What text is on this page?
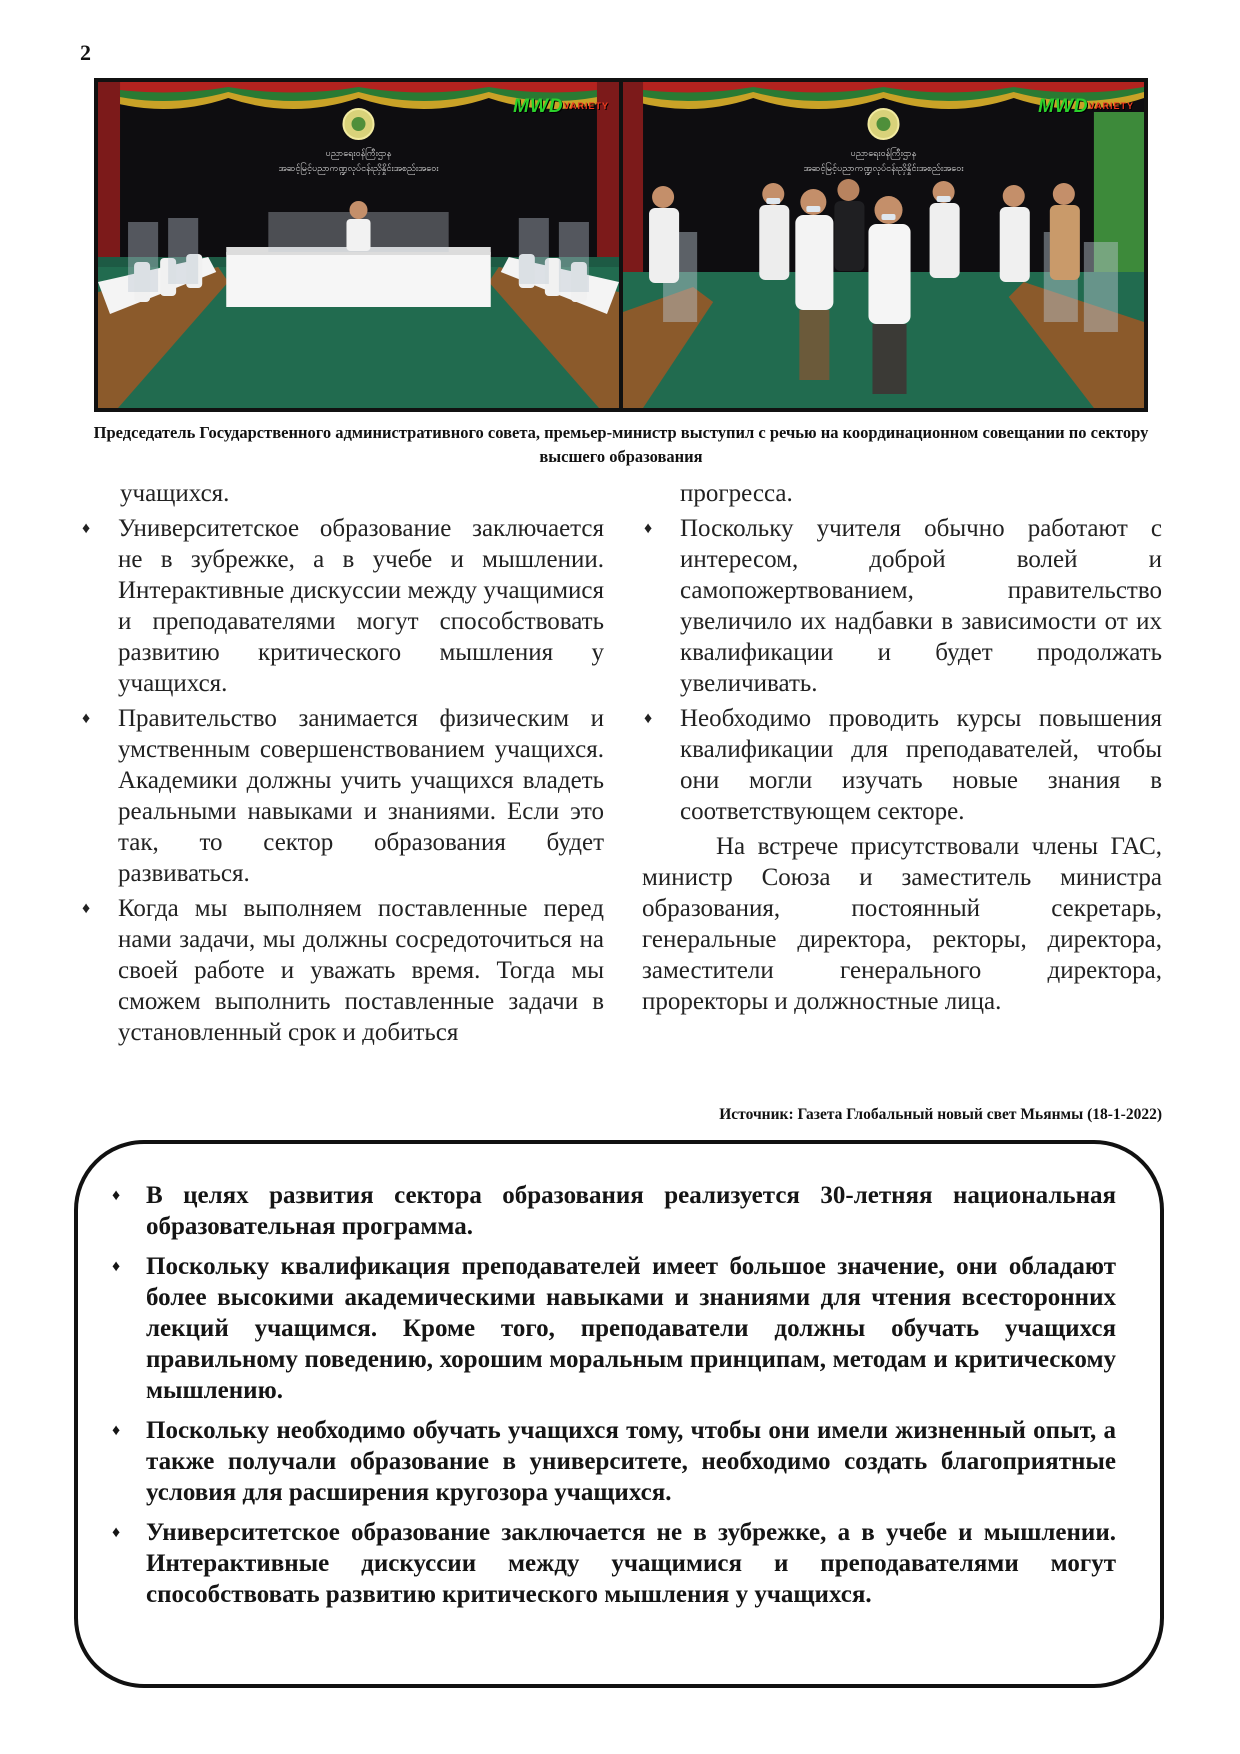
2
ပညာရေးဝန်ကြီးဌာန
အဆင့်မြင့်ပညာကဏ္ဍလုပ်ငန်းညှိနှိုင်းအစည်းအဝေး
MWDVARIETY
ပညာရေးဝန်ကြီးဌာန
အဆင့်မြင့်ပညာကဏ္ဍလုပ်ငန်းညှိနှိုင်းအစည်းအဝေး
MWDVARIETY
Председатель Государственного административного совета, премьер-министр выступил с речью на координационном совещании по сектору высшего образования

учащихся.

♦ Университетское образование заключается не в зубрежке, а в учебе и мышлении. Интерактивные дискуссии между учащимися и преподавателями могут способствовать развитию критического мышления у учащихся.
♦ Правительство занимается физическим и умственным совершенствованием учащихся. Академики должны учить учащихся владеть реальными навыками и знаниями. Если это так, то сектор образования будет развиваться.
♦ Когда мы выполняем поставленные перед нами задачи, мы должны сосредоточиться на своей работе и уважать время. Тогда мы сможем выполнить поставленные задачи в установленный срок и добиться

прогресса.

♦ Поскольку учителя обычно работают с интересом, доброй волей и самопожертвованием, правительство увеличило их надбавки в зависимости от их квалификации и будет продолжать увеличивать.
♦ Необходимо проводить курсы повышения квалификации для преподавателей, чтобы они могли изучать новые знания в соответствующем секторе.

На встрече присутствовали члены ГАС, министр Союза и заместитель министра образования, постоянный секретарь, генеральные директора, ректоры, директора, заместители генерального директора, проректоры и должностные лица.

Источник: Газета Глобальный новый свет Мьянмы (18-1-2022)
♦ В целях развития сектора образования реализуется 30-летняя национальная образовательная программа.
♦ Поскольку квалификация преподавателей имеет большое значение, они обладают более высокими академическими навыками и знаниями для чтения всесторонних лекций учащимся. Кроме того, преподаватели должны обучать учащихся правильному поведению, хорошим моральным принципам, методам и критическому мышлению.
♦ Поскольку необходимо обучать учащихся тому, чтобы они имели жизненный опыт, а также получали образование в университете, необходимо создать благоприятные условия для расширения кругозора учащихся.
♦ Университетское образование заключается не в зубрежке, а в учебе и мышлении. Интерактивные дискуссии между учащимися и преподавателями могут способствовать развитию критического мышления у учащихся.
